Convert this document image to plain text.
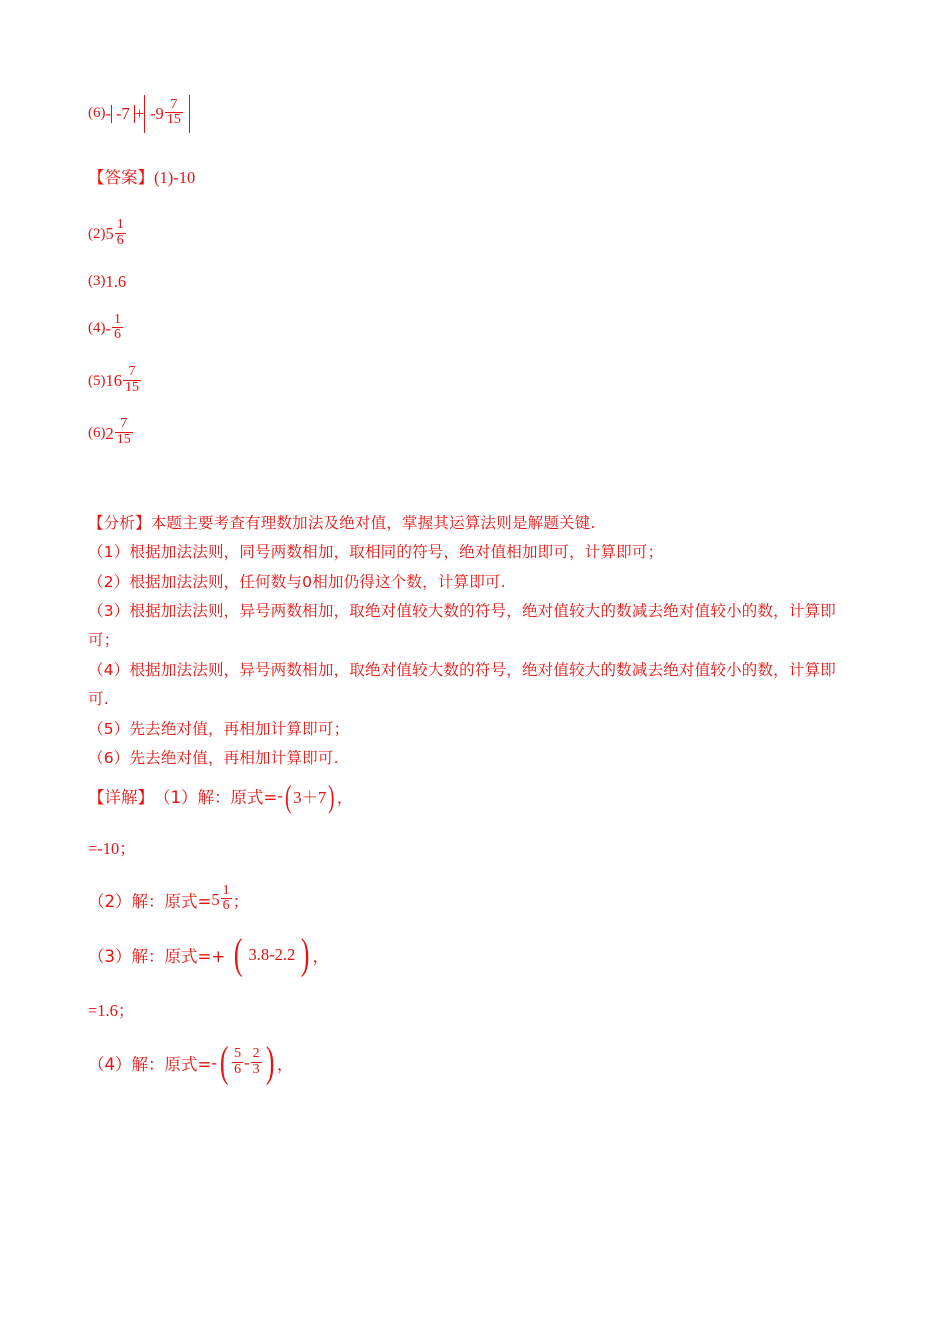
$(6) - -7 + -9 \frac{7}{15}$
【答案】(1)-10
(2) $5 \frac{1}{6}$
(3) 1.6
$(4) - \frac{1}{6}$
(5) $16 \frac{7}{15}$
(6) $2 \frac{7}{15}$

【分析】本题主要考查有理数加法及绝对值，掌握其运算法则是解题关键.

（1）根据加法法则，同号两数相加，取相同的符号，绝对值相加即可，计算即可；

（2）根据加法法则，任何数与0相加仍得这个数，计算即可.

（3）根据加法法则，异号两数相加，取绝对值较大数的符号，绝对值较大的数减去绝对值较小的数，计算即可；

（4）根据加法法则，异号两数相加，取绝对值较大数的符号，绝对值较大的数减去绝对值较小的数，计算即可.

（5）先去绝对值，再相加计算即可；

（6）先去绝对值，再相加计算即可.

【详解】 （1）解：原式= - ( 3＋7 ) ，
=-10；
（2）解：原式= $5 \frac{1}{6}$ ；
（3）解：原式=+ ( 3.8-2.2 ) ，
=1.6；
（4）解：原式= - ( $\frac{5}{6} - \frac{2}{3}$ ) ，
